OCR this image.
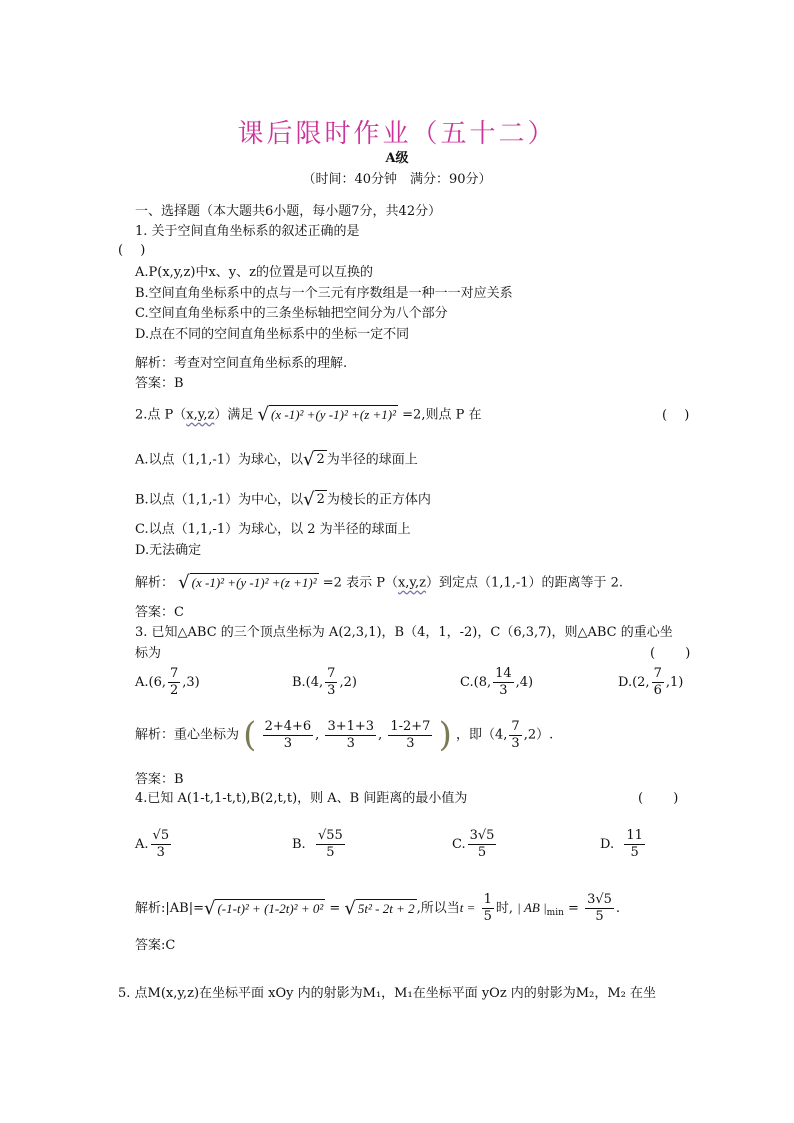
课后限时作业（五十二）
A级
（时间：40分钟　满分：90分）
一、选择题（本大题共6小题，每小题7分，共42分）
1. 关于空间直角坐标系的叙述正确的是
(　 )
A.P(x,y,z)中x、y、z的位置是可以互换的
B.空间直角坐标系中的点与一个三元有序数组是一种一一对应关系
C.空间直角坐标系中的三条坐标轴把空间分为八个部分
D.点在不同的空间直角坐标系中的坐标一定不同
解析：考查对空间直角坐标系的理解.
答案：B
2.点 P（x,y,z）满足 √ (x -1)² +(y -1)² +(z +1)² =2,则点 P 在	(　 )
A.以点（1,1,-1）为球心，以 √ 2 为半径的球面上
B.以点（1,1,-1）为中心，以 √ 2 为棱长的正方体内
C.以点（1,1,-1）为球心，以 2 为半径的球面上
D.无法确定
解析： √ (x -1)² +(y -1)² +(z +1)² =2 表示 P（x,y,z）到定点（1,1,-1）的距离等于 2.
答案：C
3. 已知△ABC 的三个顶点坐标为 A(2,3,1)，B（4，1，-2)，C（6,3,7)，则△ABC 的重心坐
标为	(　 　)
A.(6, $\frac{7}{2} ,3$)	B.(4, $\frac{7}{3} ,2$)	C.(8, $\frac{14}{3} ,4$)	D.(2, $\frac{7}{6} ,1$)
解析：重心坐标为 ( $\frac{2+4+6}{3}$ , $\frac{3+1+3}{3}$ , $\frac{1-2+7}{3}$ ) ，即（4, $\frac{7}{3} ,2$）.
答案：B
4.已知 A(1-t,1-t,t),B(2,t,t)，则 A、B 间距离的最小值为	(　 　)
A. $\frac{√5}{3}$	B. $\frac{√55}{5}$	C. $\frac{3√5}{5}$	D. $\frac{11}{5}$
解析:|AB|= √ (-1-t)² + (1-2t)² + 0² = √ 5t² - 2t + 2 ,所以当$t = \frac{1}{5}$ 时, | AB $|_{min} = \frac{3√5}{5}$ .
答案:C
5. 点M(x,y,z)在坐标平面 xOy 内的射影为M₁，M₁在坐标平面 yOz 内的射影为M₂，M₂ 在坐
